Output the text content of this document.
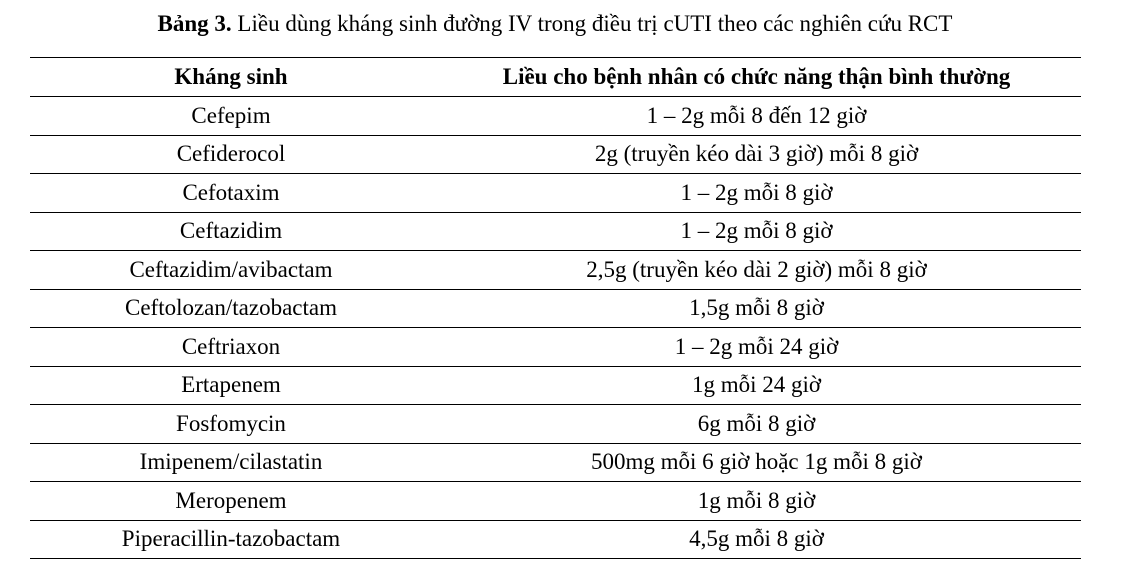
Bảng 3. Liều dùng kháng sinh đường IV trong điều trị cUTI theo các nghiên cứu RCT
Kháng sinh	Liều cho bệnh nhân có chức năng thận bình thường
Cefepim	1 – 2g mỗi 8 đến 12 giờ
Cefiderocol	2g (truyền kéo dài 3 giờ) mỗi 8 giờ
Cefotaxim	1 – 2g mỗi 8 giờ
Ceftazidim	1 – 2g mỗi 8 giờ
Ceftazidim/avibactam	2,5g (truyền kéo dài 2 giờ) mỗi 8 giờ
Ceftolozan/tazobactam	1,5g mỗi 8 giờ
Ceftriaxon	1 – 2g mỗi 24 giờ
Ertapenem	1g mỗi 24 giờ
Fosfomycin	6g mỗi 8 giờ
Imipenem/cilastatin	500mg mỗi 6 giờ hoặc 1g mỗi 8 giờ
Meropenem	1g mỗi 8 giờ
Piperacillin-tazobactam	4,5g mỗi 8 giờ
